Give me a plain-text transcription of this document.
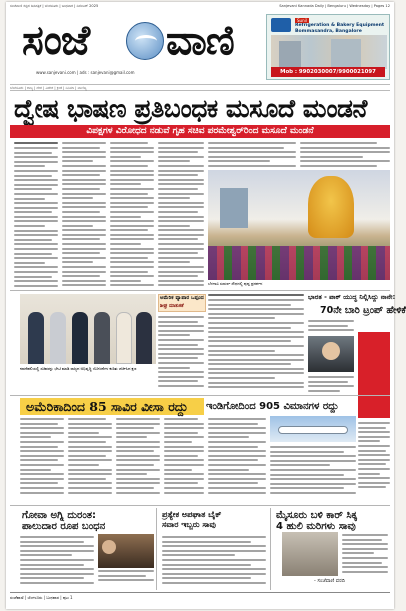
ಸಂಜೆವಾಣಿ ಕನ್ನಡ ದಿನಪತ್ರಿಕೆ | ಬೆಂಗಳೂರು | ಬುಧವಾರ | ಡಿಸೆಂಬರ್ 2025	Sanjevani Kannada Daily | Bengaluru | Wednesday | Pages 12
ಸಂಜೆ ವಾಣಿ
www.sanjevani.com | ads : sanjevani@gmail.com
Refrigeration & Bakery Equipment Bommasandra, Bangalore
Sunil
Mob : 9902030007/9900021097
ಬೆಂಗಳೂರು | ರಾಜ್ಯ | ದೇಶ | ವಿದೇಶ | ಕ್ರೀಡೆ | ಸಿನಿಮಾ | ವಾಣಿಜ್ಯ
ದ್ವೇಷ ಭಾಷಣ ಪ್ರತಿಬಂಧಕ ಮಸೂದೆ ಮಂಡನೆ
ವಿಪಕ್ಷಗಳ ವಿರೋಧದ ನಡುವೆ ಗೃಹ ಸಚಿವ ಪರಮೇಶ್ವರ್‌ರಿಂದ ಮಸೂದೆ ಮಂಡನೆ
ಬೆಳಗಾವಿ ಸುವರ್ಣ ಸೌಧದಲ್ಲಿ ಪುಷ್ಪ ಪ್ರದರ್ಶನ
ನವದೆಹಲಿಯಲ್ಲಿ ಸಚಿವರನ್ನು ಭೇಟಿ ಮಾಡಿ ರಾಜ್ಯದ ಅಭಿವೃದ್ಧಿ ಯೋಜನೆಗಳ ಕುರಿತು ಚರ್ಚಿಸಿದ ಕ್ಷಣ
ಅಮೆರಿಕ ವ್ಯಾಪಾರ ಒಪ್ಪಂದ
ಶೀಘ್ರ ಮಾತುಕತೆ
ಭಾರತ - ಪಾಕ್ ಯುದ್ಧ ನಿಲ್ಲಿಸಿದ್ದು ನಾನೇ:
70ನೇ ಬಾರಿ ಟ್ರಂಪ್ ಹೇಳಿಕೆ
ಅಮೆರಿಕಾದಿಂದ 85 ಸಾವಿರ ವೀಸಾ ರದ್ದು	ಇಂಡಿಗೋದಿಂದ 905 ವಿಮಾನಗಳ ರದ್ದು
ಗೋವಾ ಅಗ್ನಿ ದುರಂತ:
ಪಾಲುದಾರ ರೂಪ ಬಂಧನ
ಪ್ರತ್ಯೇಕ ಅಪಘಾತ ಬೈಕ್
ಸವಾರ ಇಬ್ಬರು ಸಾವು
ಮೈಸೂರು ಬಳಿ ಕಾರ್ ಸಿಕ್ಕ
4 ಹುಲಿ ಮರಿಗಳು ಸಾವು
- ಸಂಜೆವಾಣಿ ವರದಿ
ಸಂಜೆವಾಣಿ | ಬೆಂಗಳೂರು | ಬುಧವಾರ | ಪುಟ 1
